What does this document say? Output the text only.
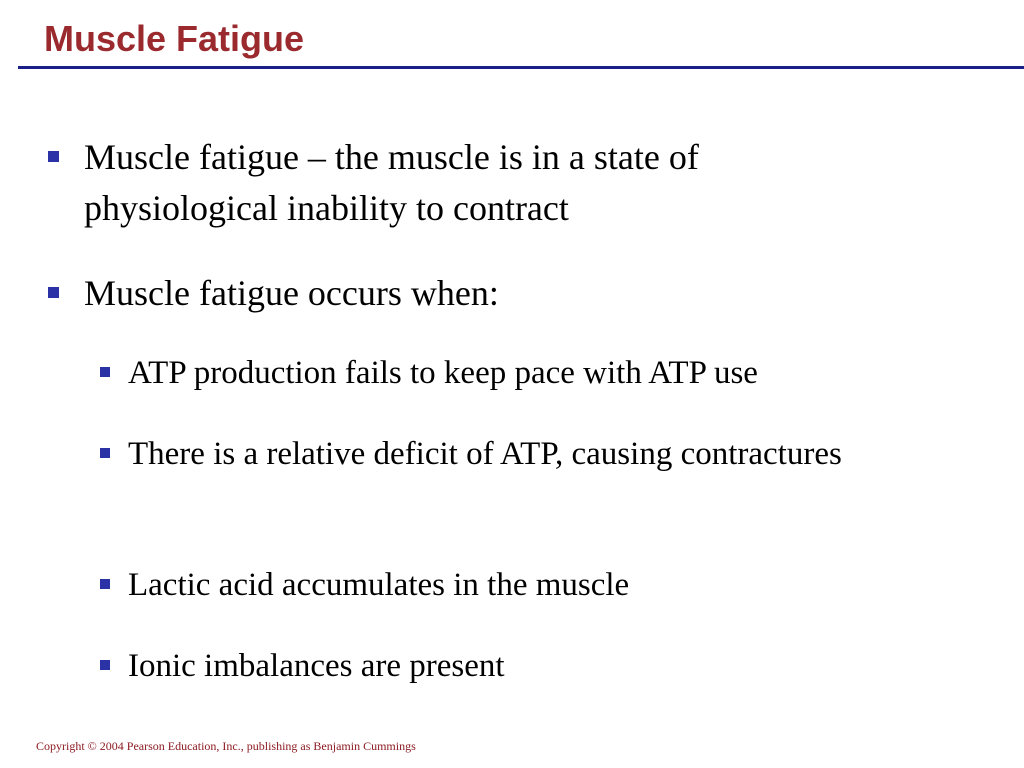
Muscle Fatigue
Muscle fatigue – the muscle is in a state of physiological inability to contract
Muscle fatigue occurs when:
ATP production fails to keep pace with ATP use
There is a relative deficit of ATP, causing contractures
Lactic acid accumulates in the muscle
Ionic imbalances are present
Copyright © 2004 Pearson Education, Inc., publishing as Benjamin Cummings
